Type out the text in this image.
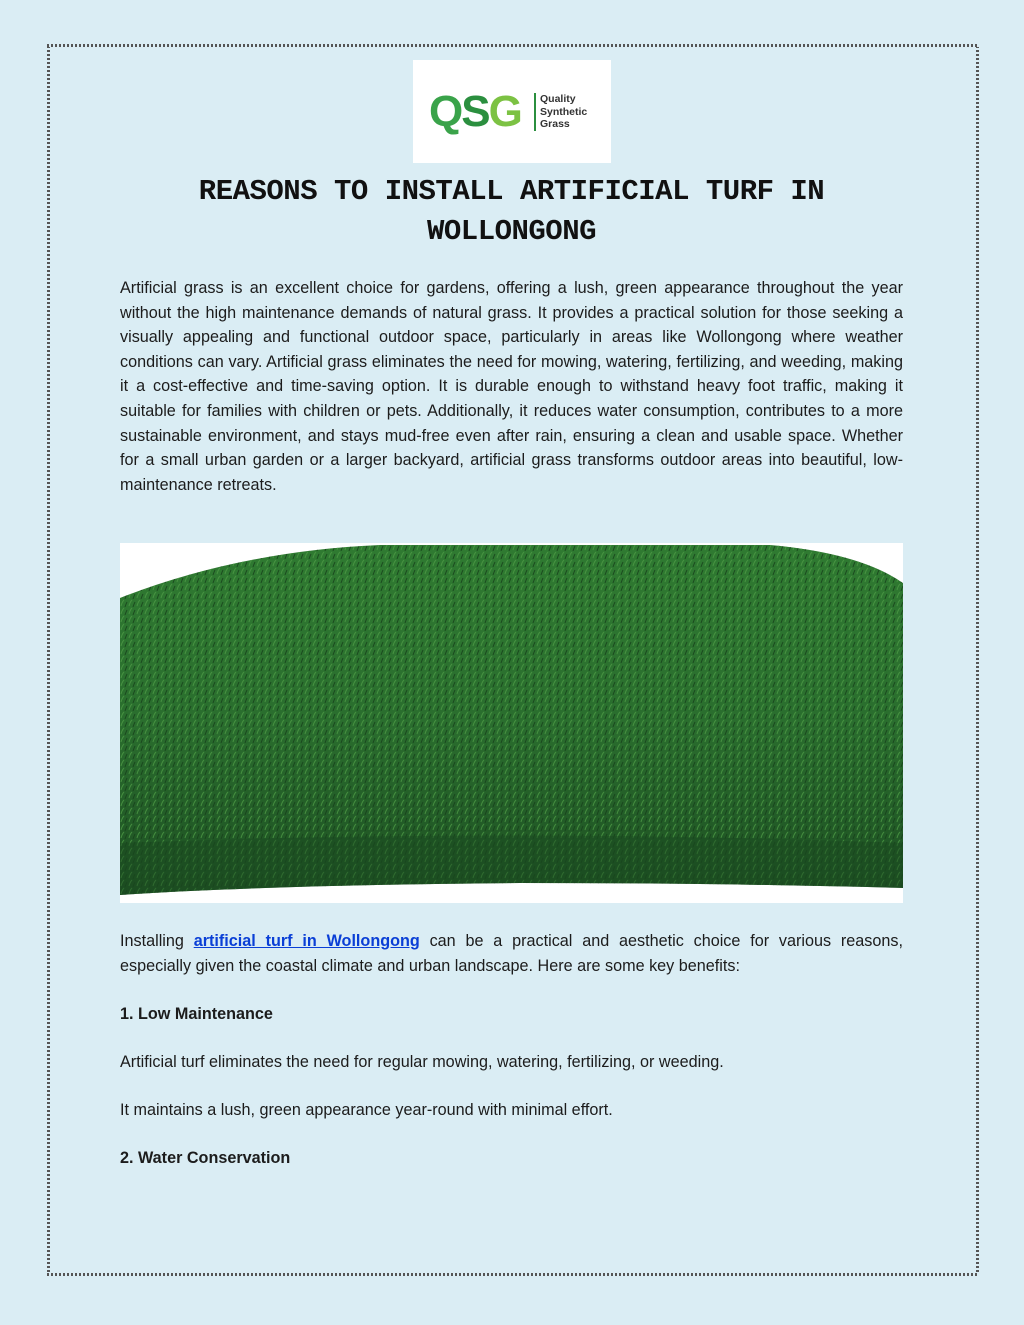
QSG Quality
Synthetic
Grass
REASONS TO INSTALL ARTIFICIAL TURF IN WOLLONGONG

Artificial grass is an excellent choice for gardens, offering a lush, green appearance throughout the year without the high maintenance demands of natural grass. It provides a practical solution for those seeking a visually appealing and functional outdoor space, particularly in areas like Wollongong where weather conditions can vary. Artificial grass eliminates the need for mowing, watering, fertilizing, and weeding, making it a cost-effective and time-saving option. It is durable enough to withstand heavy foot traffic, making it suitable for families with children or pets. Additionally, it reduces water consumption, contributes to a more sustainable environment, and stays mud-free even after rain, ensuring a clean and usable space. Whether for a small urban garden or a larger backyard, artificial grass transforms outdoor areas into beautiful, low-maintenance retreats.

Installing artificial turf in Wollongong can be a practical and aesthetic choice for various reasons, especially given the coastal climate and urban landscape. Here are some key benefits:

1. Low Maintenance

Artificial turf eliminates the need for regular mowing, watering, fertilizing, or weeding.

It maintains a lush, green appearance year-round with minimal effort.

2. Water Conservation
